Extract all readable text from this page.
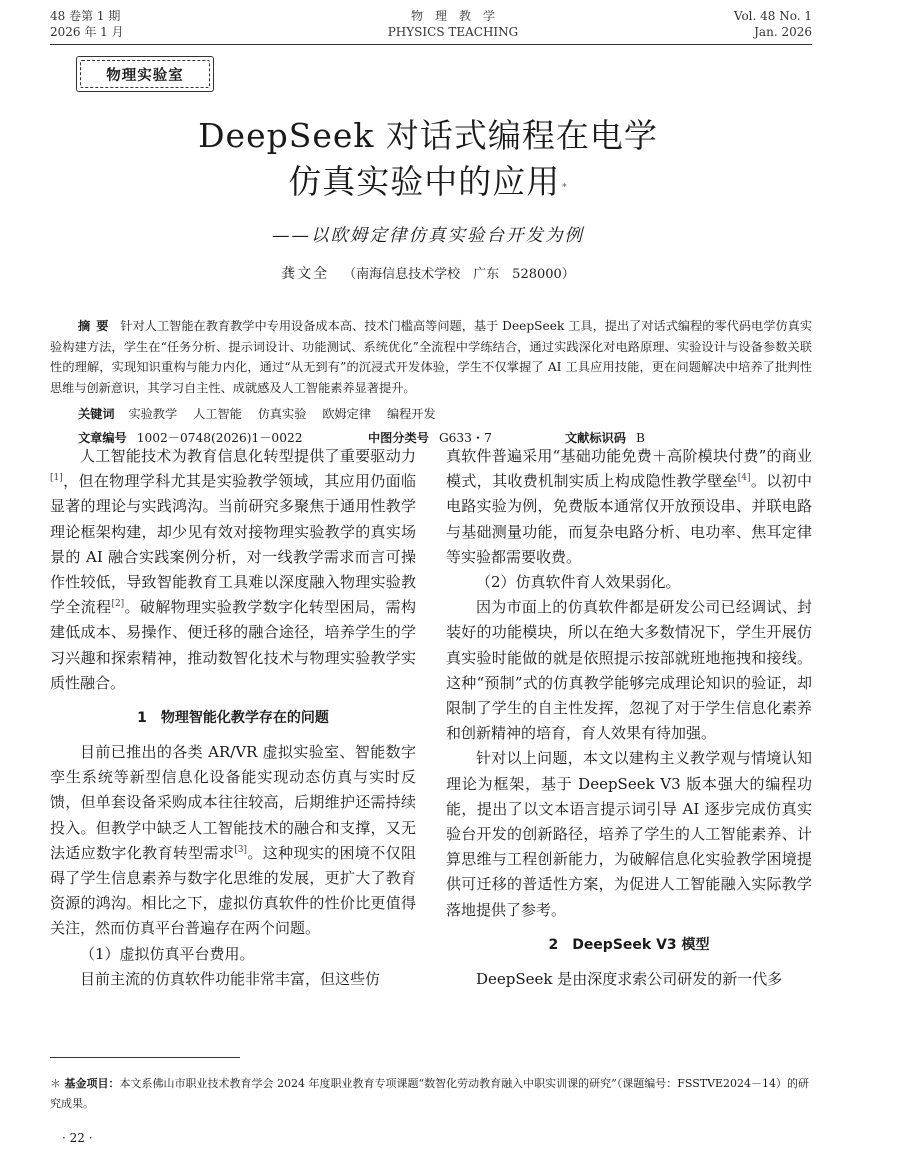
48 卷第 1 期
2026 年 1 月
物　理　教　学
PHYSICS TEACHING
Vol. 48 No. 1
Jan. 2026
物理实验室
DeepSeek 对话式编程在电学
仿真实验中的应用 *
——以欧姆定律仿真实验台开发为例
龚文全 （南海信息技术学校　广东　528000）
摘要 针对人工智能在教育教学中专用设备成本高、技术门槛高等问题，基于 DeepSeek 工具，提出了对话式编程的零代码电学仿真实验构建方法，学生在“任务分析、提示词设计、功能测试、系统优化”全流程中学练结合，通过实践深化对电路原理、实验设计与设备参数关联性的理解，实现知识重构与能力内化，通过“从无到有”的沉浸式开发体验，学生不仅掌握了 AI 工具应用技能，更在问题解决中培养了批判性思维与创新意识，其学习自主性、成就感及人工智能素养显著提升。
关键词 实验教学 人工智能 仿真实验 欧姆定律 编程开发
文章编号 1002－0748(2026)1－0022	中图分类号 G633・7	文献标识码 B

人工智能技术为教育信息化转型提供了重要驱动力[1]，但在物理学科尤其是实验教学领域，其应用仍面临显著的理论与实践鸿沟。当前研究多聚焦于通用性教学理论框架构建，却少见有效对接物理实验教学的真实场景的 AI 融合实践案例分析，对一线教学需求而言可操作性较低，导致智能教育工具难以深度融入物理实验教学全流程[2]。破解物理实验教学数字化转型困局，需构建低成本、易操作、便迁移的融合途径，培养学生的学习兴趣和探索精神，推动数智化技术与物理实验教学实质性融合。

1　物理智能化教学存在的问题

目前已推出的各类 AR/VR 虚拟实验室、智能数字孪生系统等新型信息化设备能实现动态仿真与实时反馈，但单套设备采购成本往往较高，后期维护还需持续投入。但教学中缺乏人工智能技术的融合和支撑，又无法适应数字化教育转型需求[3]。这种现实的困境不仅阻碍了学生信息素养与数字化思维的发展，更扩大了教育资源的鸿沟。相比之下，虚拟仿真软件的性价比更值得关注，然而仿真平台普遍存在两个问题。

（1）虚拟仿真平台费用。

目前主流的仿真软件功能非常丰富，但这些仿

真软件普遍采用“基础功能免费＋高阶模块付费”的商业模式，其收费机制实质上构成隐性教学壁垒[4]。以初中电路实验为例，免费版本通常仅开放预设串、并联电路与基础测量功能，而复杂电路分析、电功率、焦耳定律等实验都需要收费。

（2）仿真软件育人效果弱化。

因为市面上的仿真软件都是研发公司已经调试、封装好的功能模块，所以在绝大多数情况下，学生开展仿真实验时能做的就是依照提示按部就班地拖拽和接线。这种“预制”式的仿真教学能够完成理论知识的验证，却限制了学生的自主性发挥，忽视了对于学生信息化素养和创新精神的培育，育人效果有待加强。

针对以上问题，本文以建构主义教学观与情境认知理论为框架，基于 DeepSeek V3 版本强大的编程功能，提出了以文本语言提示词引导 AI 逐步完成仿真实验台开发的创新路径，培养了学生的人工智能素养、计算思维与工程创新能力，为破解信息化实验教学困境提供可迁移的普适性方案，为促进人工智能融入实际教学落地提供了参考。

2　DeepSeek V3 模型

DeepSeek 是由深度求索公司研发的新一代多

＊ 基金项目：本文系佛山市职业技术教育学会 2024 年度职业教育专项课题“数智化劳动教育融入中职实训课的研究”（课题编号：FSSTVE2024－14）的研究成果。
· 22 ·
